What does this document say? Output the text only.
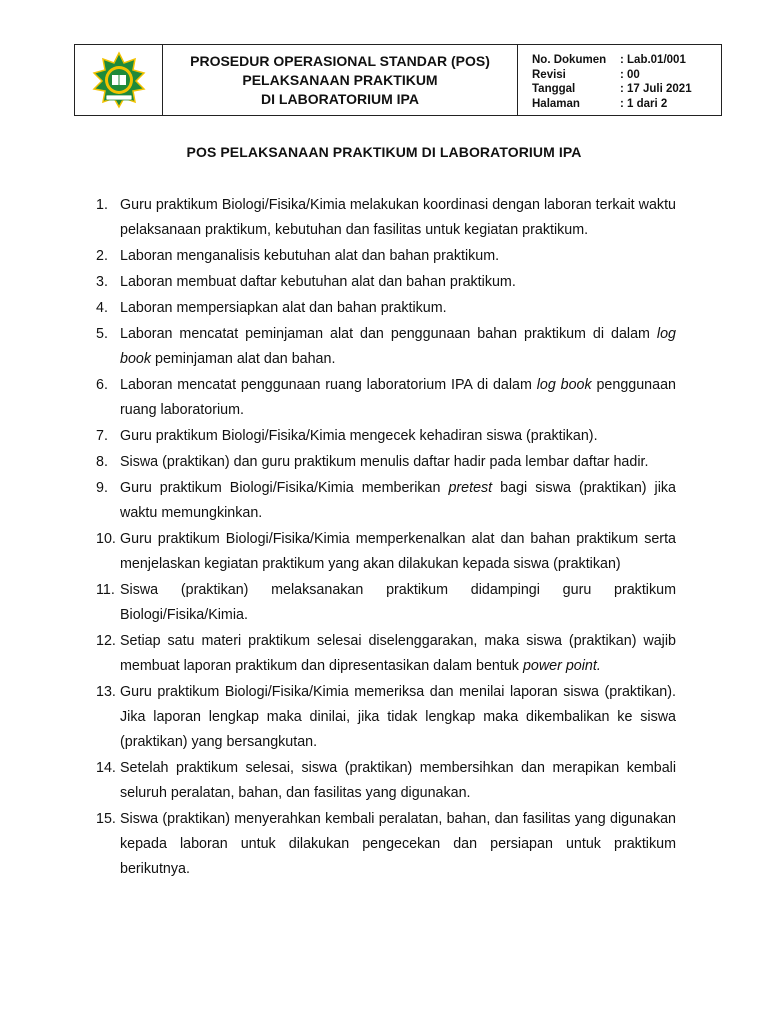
PROSEDUR OPERASIONAL STANDAR (POS)
PELAKSANAAN PRAKTIKUM
DI LABORATORIUM IPA
No. Dokumen	: Lab.01/001
Revisi	: 00
Tanggal	: 17 Juli 2021
Halaman	: 1 dari 2
POS PELAKSANAAN PRAKTIKUM DI LABORATORIUM IPA
1. Guru praktikum Biologi/Fisika/Kimia melakukan koordinasi dengan laboran terkait waktu pelaksanaan praktikum, kebutuhan dan fasilitas untuk kegiatan praktikum.
2. Laboran menganalisis kebutuhan alat dan bahan praktikum.
3. Laboran membuat daftar kebutuhan alat dan bahan praktikum.
4. Laboran mempersiapkan alat dan bahan praktikum.
5. Laboran mencatat peminjaman alat dan penggunaan bahan praktikum di dalam log book peminjaman alat dan bahan.
6. Laboran mencatat penggunaan ruang laboratorium IPA di dalam log book penggunaan ruang laboratorium.
7. Guru praktikum Biologi/Fisika/Kimia mengecek kehadiran siswa (praktikan).
8. Siswa (praktikan) dan guru praktikum menulis daftar hadir pada lembar daftar hadir.
9. Guru praktikum Biologi/Fisika/Kimia memberikan pretest bagi siswa (praktikan) jika waktu memungkinkan.
10. Guru praktikum Biologi/Fisika/Kimia memperkenalkan alat dan bahan praktikum serta menjelaskan kegiatan praktikum yang akan dilakukan kepada siswa (praktikan)
11. Siswa (praktikan) melaksanakan praktikum didampingi guru praktikum Biologi/Fisika/Kimia.
12. Setiap satu materi praktikum selesai diselenggarakan, maka siswa (praktikan) wajib membuat laporan praktikum dan dipresentasikan dalam bentuk power point.
13. Guru praktikum Biologi/Fisika/Kimia memeriksa dan menilai laporan siswa (praktikan). Jika laporan lengkap maka dinilai, jika tidak lengkap maka dikembalikan ke siswa (praktikan) yang bersangkutan.
14. Setelah praktikum selesai, siswa (praktikan) membersihkan dan merapikan kembali seluruh peralatan, bahan, dan fasilitas yang digunakan.
15. Siswa (praktikan) menyerahkan kembali peralatan, bahan, dan fasilitas yang digunakan kepada laboran untuk dilakukan pengecekan dan persiapan untuk praktikum berikutnya.
